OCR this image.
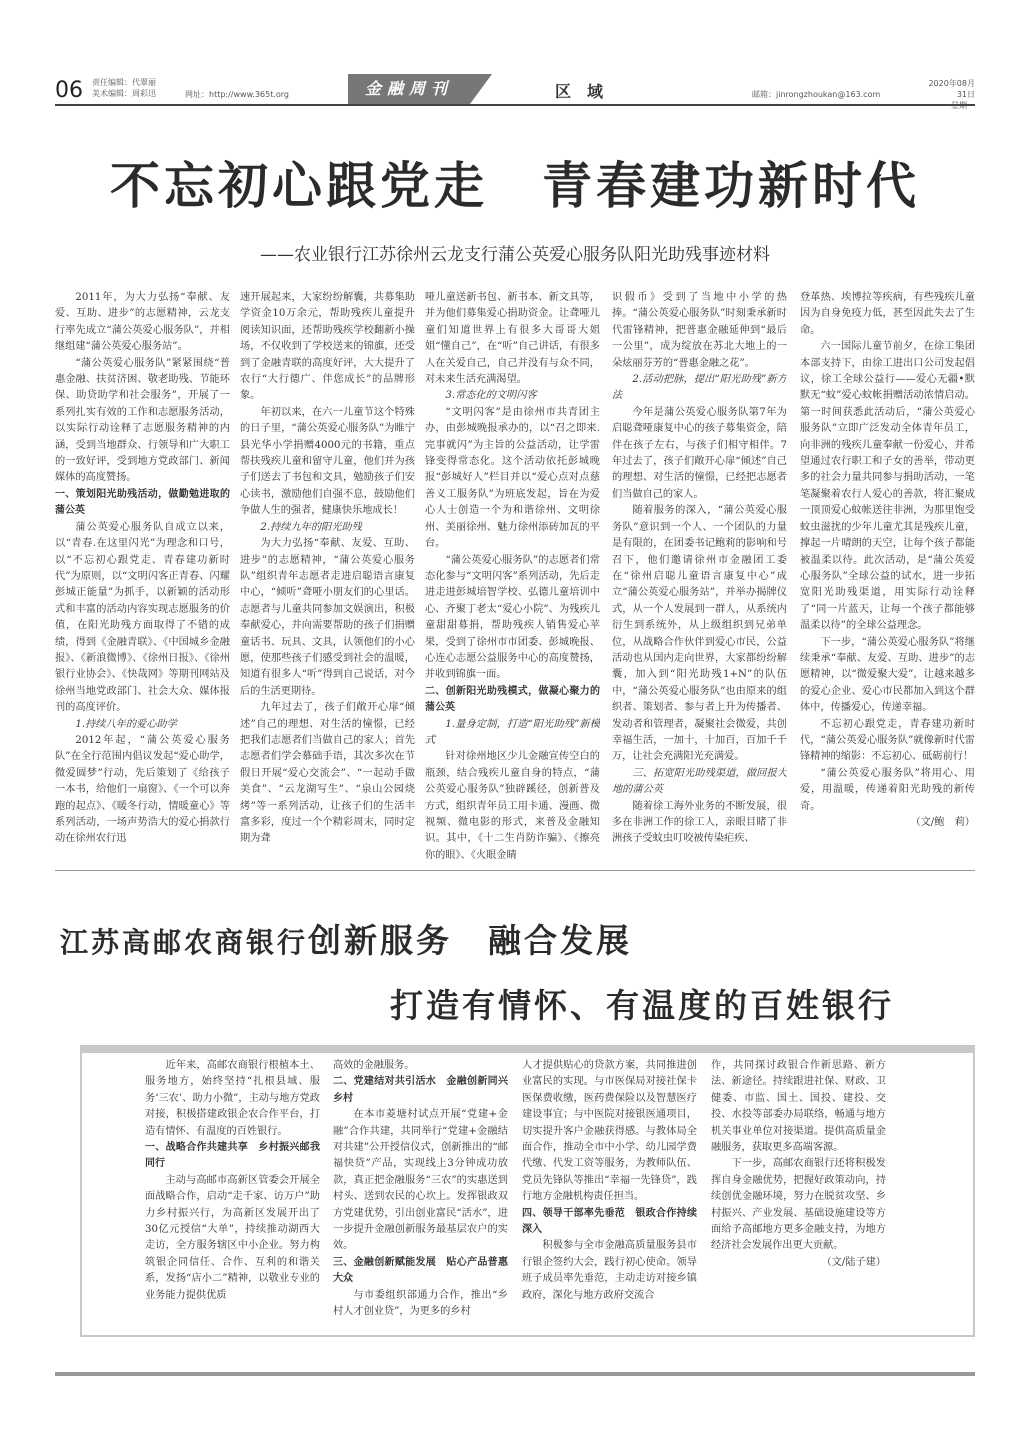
06 责任编辑：代翠丽
美术编辑：周彩迅	网址：http://www.365t.org	金融周刊	区域	邮箱：jinrongzhoukan@163.com
2020年08月31日
不忘初心跟党走　青春建功新时代
——农业银行江苏徐州云龙支行蒲公英爱心服务队阳光助残事迹材料

2011年，为大力弘扬“奉献、友爱、互助、进步”的志愿精神，云龙支行率先成立“蒲公英爱心服务队”，并相继组建“蒲公英爱心服务站”。

“蒲公英爱心服务队”紧紧围绕“普惠金融、扶贫济困、敬老助残、节能环保、助贷助学和社会服务”，开展了一系列扎实有效的工作和志愿服务活动，以实际行动诠释了志愿服务精神的内涵，受到当地群众、行领导和广大职工的一致好评，受到地方党政部门、新闻媒体的高度赞扬。

一、策划阳光助残活动，做勤勉进取的蒲公英

蒲公英爱心服务队自成立以来，以“青春.在这里闪光”为理念和口号，以“不忘初心跟党走、青春建功新时代”为原则，以“文明闪客正青春、闪耀彭城正能量”为抓手，以新颖的活动形式和丰富的活动内容实现志愿服务的价值，在阳光助残方面取得了不错的成绩，得到《金融青联》、《中国城乡金融报》、《新浪微博》、《徐州日报》、《徐州银行业协会》、《快哉网》等期刊网站及徐州当地党政部门、社会大众、媒体报刊的高度评价。

1.持续八年的爱心助学

2012年起，“蒲公英爱心服务队”在全行范围内倡议发起“爱心助学，微爱圆梦”行动，先后策划了《给孩子一本书，给他们一扇窗》、《一个可以奔跑的起点》、《暖冬行动，情暖童心》等系列活动，一场声势浩大的爱心捐款行动在徐州农行迅

速开展起来，大家纷纷解囊，共募集助学资金10万余元，帮助残疾儿童提升阅读知识面，还帮助残疾学校翻新小操场，不仅收到了学校送来的锦旗，还受到了金融青联的高度好评，大大提升了农行“大行德广、伴您成长”的品牌形象。

年初以来，在六一儿童节这个特殊的日子里，“蒲公英爱心服务队”为睢宁县光华小学捐赠4000元的书籍，重点帮扶残疾儿童和留守儿童，他们并为孩子们送去了书包和文具，勉励孩子们安心读书，激励他们自强不息，鼓励他们争做人生的强者，健康快乐地成长！

2.持续九年的阳光助残

为大力弘扬“奉献、友爱、互助、进步”的志愿精神，“蒲公英爱心服务队”组织青年志愿者走进启聪语言康复中心，“倾听”聋哑小朋友们的心里话。志愿者与儿童共同参加文娱演出，积极奉献爱心，并向需要帮助的孩子们捐赠童话书、玩具、文具，认领他们的小心愿，使那些孩子们感受到社会的温暖，知道有很多人“听”得到自己说话，对今后的生活更期待。

九年过去了，孩子们敞开心扉“倾述”自己的理想、对生活的憧憬，已经把我们志愿者们当做自己的家人；首先志愿者们学会慕础手语，其次多次在节假日开展“爱心交流会”、“一起动手做美食”、“云龙湖写生”、“泉山公园烧烤”等一系列活动，让孩子们的生活丰富多彩，度过一个个精彩周末，同时定期为聋

哑儿童送新书包、新书本、新文具等，并为他们募集爱心捐助资金。让聋哑儿童们知道世界上有很多大哥哥大姐姐“懂自己”，在“听”自己讲话，有很多人在关爱自己，自己并没有与众不同，对未来生活充满渴望。

3.常态化的文明闪客

“文明闪客”是由徐州市共青团主办，由彭城晚报承办的，以“召之即来.完事就闪”为主旨的公益活动，让学雷锋变得常态化。这个活动依托彭城晚报“彭城好人”栏目并以“爱心点对点慈善义工服务队”为班底发起，旨在为爱心人士创造一个为和谐徐州、文明徐州、美丽徐州、魅力徐州添砖加瓦的平台。

“蒲公英爱心服务队”的志愿者们常态化参与“文明闪客”系列活动，先后走进走进彭城培智学校、弘德儿童培训中心、齐聚丁老太“爱心小院”、为残疾儿童甜甜募捐，帮助残疾人销售爱心苹果，受到了徐州市市团委、彭城晚报、心连心志愿公益服务中心的高度赞扬，并收到锦旗一面。

二、创新阳光助残模式，做凝心聚力的蒲公英

1.量身定制，打造“阳光助残”新模式

针对徐州地区少儿金融宣传空白的瓶颈，结合残疾儿童自身的特点，“蒲公英爱心服务队”独辟蹊径，创新普及方式，组织青年员工用卡通、漫画、微视频、微电影的形式，来普及金融知识。其中，《十二生肖防诈骗》、《擦亮你的眼》、《火眼金睛

识假币》受到了当地中小学的热捧。“蒲公英爱心服务队”时刻秉承新时代雷锋精神，把普惠金融延伸到“最后一公里”，成为绽放在苏北大地上的一朵炫丽芬芳的“普惠金融之花”。

2.活动把脉，提出“阳光助残”新方法

今年是蒲公英爱心服务队第7年为启聪聋哑康复中心的孩子募集资金，陪伴在孩子左右，与孩子们相守相伴。7年过去了，孩子们敞开心扉“倾述”自己的理想、对生活的憧憬，已经把志愿者们当做自己的家人。

随着服务的深入，“蒲公英爱心服务队”意识到一个人、一个团队的力量是有限的，在团委书记鲍莉的影响和号召下，他们邀请徐州市金融团工委在“徐州启聪儿童语言康复中心”成立“蒲公英爱心服务站”，并举办揭牌仪式，从一个人发展到一群人，从系统内衍生到系统外，从上级组织到兄弟单位，从战略合作伙伴到爱心市民，公益活动也从国内走向世界，大家都纷纷解囊，加入到“阳光助残1+N”的队伍中，“蒲公英爱心服务队”也由原来的组织者、策划者、参与者上升为传播者、发动者和管理者，凝聚社会微爱，共创幸福生活，一加十，十加百，百加千千万，让社会充满阳光充满爱。

三、拓宽阳光助残渠道，做回报大地的蒲公英

随着徐工海外业务的不断发展，很多在非洲工作的徐工人，亲眼目睹了非洲孩子受蚊虫叮咬被传染疟疾、

登革热、埃博拉等疾病，有些残疾儿童因为自身免疫力低，甚至因此失去了生命。

六一国际儿童节前夕，在徐工集团本部支持下，由徐工进出口公司发起倡议，徐工全球公益行——爱心无疆•默默无“蚊”爱心蚊帐捐赠活动浓情启动。第一时间获悉此活动后，“蒲公英爱心服务队”立即广泛发动全体青年员工，向非洲的残疾儿童奉献一份爱心，并希望通过农行职工和子女的善举，带动更多的社会力量共同参与捐助活动，一笔笔凝聚着农行人爱心的善款，将汇聚成一顶顶爱心蚊帐送往非洲，为那里饱受蚊虫滋扰的少年儿童尤其是残疾儿童，撑起一片晴朗的天空，让每个孩子都能被温柔以待。此次活动，是“蒲公英爱心服务队”全球公益的试水，进一步拓宽阳光助残渠道，用实际行动诠释了“同一片蓝天，让每一个孩子都能够温柔以待”的全球公益理念。

下一步，“蒲公英爱心服务队”将继续秉承“奉献、友爱、互助、进步”的志愿精神，以“微爱聚大爱”，让越来越多的爱心企业、爱心市民都加入到这个群体中，传播爱心，传递幸福。

不忘初心跟党走，青春建功新时代，“蒲公英爱心服务队”就像新时代雷锋精神的缩影：不忘初心、砥砺前行！

“蒲公英爱心服务队”将用心、用爱，用温暖，传递着阳光助残的新传奇。

（文/鲍　莉）

江苏高邮农商银行创新服务　融合发展
打造有情怀、有温度的百姓银行

近年来，高邮农商银行根植本土、服务地方，始终坚持“扎根县域、服务‘三农’、助力小微”，主动与地方党政对接，积极搭建政银企农合作平台，打造有情怀、有温度的百姓银行。

一、战略合作共建共享　乡村振兴邮我同行

主动与高邮市高新区管委会开展全面战略合作，启动“走千家、访万户”助力乡村振兴行，为高新区发展开出了30亿元授信“大单”，持续推动湖西大走访，全方服务辖区中小企业。努力构筑银企同信任、合作、互利的和谐关系，发扬“店小二”精神，以敬业专业的业务能力提供优质

高效的金融服务。

二、党建结对共引活水　金融创新同兴乡村

在本市菱塘村试点开展“党建+金融”合作共建，共同举行“党建+金融结对共建”公开授信仪式，创新推出的“邮福快贷”产品，实现线上3分钟成功放款，真正把金融服务“三农”的实惠送到村头、送到农民的心坎上。发挥银政双方党建优势，引出创业富民“活水”，进一步提升金融创新服务最基层农户的实效。

三、金融创新赋能发展　贴心产品普惠大众

与市委组织部通力合作，推出“乡村人才创业贷”，为更多的乡村

人才提供贴心的贷款方案，共同推进创业富民的实现。与市医保局对接社保卡医保费收缴，医药费保险以及智慧医疗建设事宜；与中医院对接银医通项目，切实提升客户金融获得感。与教体局全面合作，推动全市中小学、幼儿园学费代缴、代发工资等服务，为教师队伍、党员先锋队等推出“幸福一先锋贷”，践行地方金融机构责任担当。

四、领导干部率先垂范　银政合作持续深入

积极参与全市金融高质量服务县市行银企签约大会，践行初心使命。领导班子成员率先垂范，主动走访对接乡镇政府，深化与地方政府交流合

作，共同探讨政银合作新思路、新方法、新途径。持续跟进社保、财政、卫健委、市监、国土、国投、建投、交投、水投等部委办局联络，畅通与地方机关事业单位对接渠道。提供高质量金融服务，获取更多高端客源。

下一步，高邮农商银行还将积极发挥自身金融优势，把握好政策动向，持续创优金融环境，努力在脱贫攻坚、乡村振兴、产业发展、基础设施建设等方面给予高邮地方更多金融支持，为地方经济社会发展作出更大贡献。

（文/陆子建）
